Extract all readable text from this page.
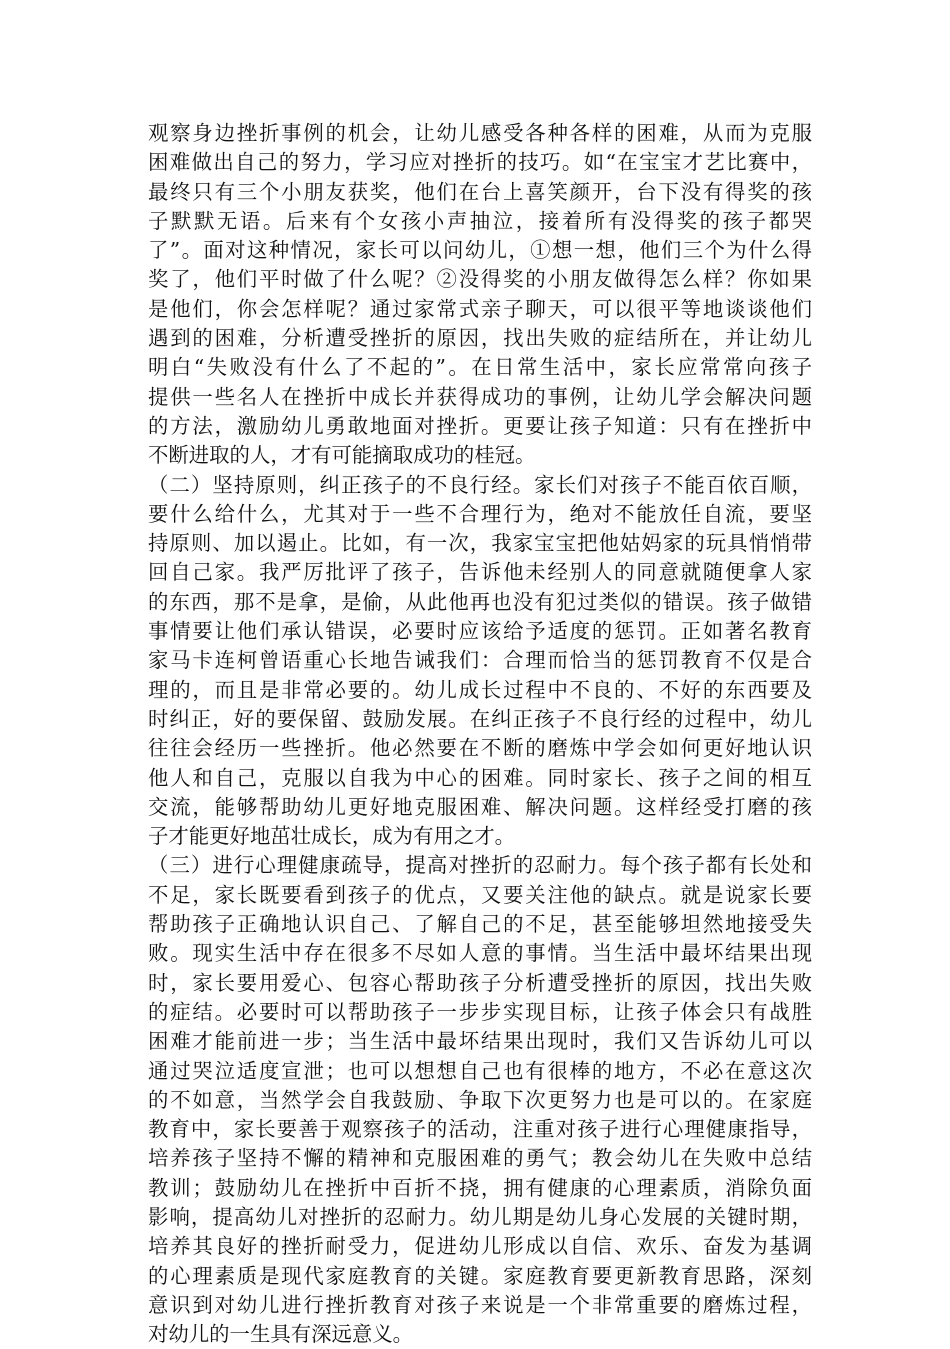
观察身边挫折事例的机会，让幼儿感受各种各样的困难，从而为克服
困难做出自己的努力，学习应对挫折的技巧。如“在宝宝才艺比赛中，
最终只有三个小朋友获奖，他们在台上喜笑颜开，台下没有得奖的孩
子默默无语。后来有个女孩小声抽泣，接着所有没得奖的孩子都哭
了”。面对这种情况，家长可以问幼儿，①想一想，他们三个为什么得
奖了，他们平时做了什么呢？②没得奖的小朋友做得怎么样？你如果
是他们，你会怎样呢？通过家常式亲子聊天，可以很平等地谈谈他们
遇到的困难，分析遭受挫折的原因，找出失败的症结所在，并让幼儿
明白“失败没有什么了不起的”。在日常生活中，家长应常常向孩子
提供一些名人在挫折中成长并获得成功的事例，让幼儿学会解决问题
的方法，激励幼儿勇敢地面对挫折。更要让孩子知道：只有在挫折中
不断进取的人，才有可能摘取成功的桂冠。
（二）坚持原则，纠正孩子的不良行经。家长们对孩子不能百依百顺，
要什么给什么，尤其对于一些不合理行为，绝对不能放任自流，要坚
持原则、加以遏止。比如，有一次，我家宝宝把他姑妈家的玩具悄悄带
回自己家。我严厉批评了孩子，告诉他未经别人的同意就随便拿人家
的东西，那不是拿，是偷，从此他再也没有犯过类似的错误。孩子做错
事情要让他们承认错误，必要时应该给予适度的惩罚。正如著名教育
家马卡连柯曾语重心长地告诫我们：合理而恰当的惩罚教育不仅是合
理的，而且是非常必要的。幼儿成长过程中不良的、不好的东西要及
时纠正，好的要保留、鼓励发展。在纠正孩子不良行经的过程中，幼儿
往往会经历一些挫折。他必然要在不断的磨炼中学会如何更好地认识
他人和自己，克服以自我为中心的困难。同时家长、孩子之间的相互
交流，能够帮助幼儿更好地克服困难、解决问题。这样经受打磨的孩
子才能更好地茁壮成长，成为有用之才。
（三）进行心理健康疏导，提高对挫折的忍耐力。每个孩子都有长处和
不足，家长既要看到孩子的优点，又要关注他的缺点。就是说家长要
帮助孩子正确地认识自己、了解自己的不足，甚至能够坦然地接受失
败。现实生活中存在很多不尽如人意的事情。当生活中最坏结果出现
时，家长要用爱心、包容心帮助孩子分析遭受挫折的原因，找出失败
的症结。必要时可以帮助孩子一步步实现目标，让孩子体会只有战胜
困难才能前进一步；当生活中最坏结果出现时，我们又告诉幼儿可以
通过哭泣适度宣泄；也可以想想自己也有很棒的地方，不必在意这次
的不如意，当然学会自我鼓励、争取下次更努力也是可以的。在家庭
教育中，家长要善于观察孩子的活动，注重对孩子进行心理健康指导，
培养孩子坚持不懈的精神和克服困难的勇气；教会幼儿在失败中总结
教训；鼓励幼儿在挫折中百折不挠，拥有健康的心理素质，消除负面
影响，提高幼儿对挫折的忍耐力。幼儿期是幼儿身心发展的关键时期，
培养其良好的挫折耐受力，促进幼儿形成以自信、欢乐、奋发为基调
的心理素质是现代家庭教育的关键。家庭教育要更新教育思路，深刻
意识到对幼儿进行挫折教育对孩子来说是一个非常重要的磨炼过程，
对幼儿的一生具有深远意义。
